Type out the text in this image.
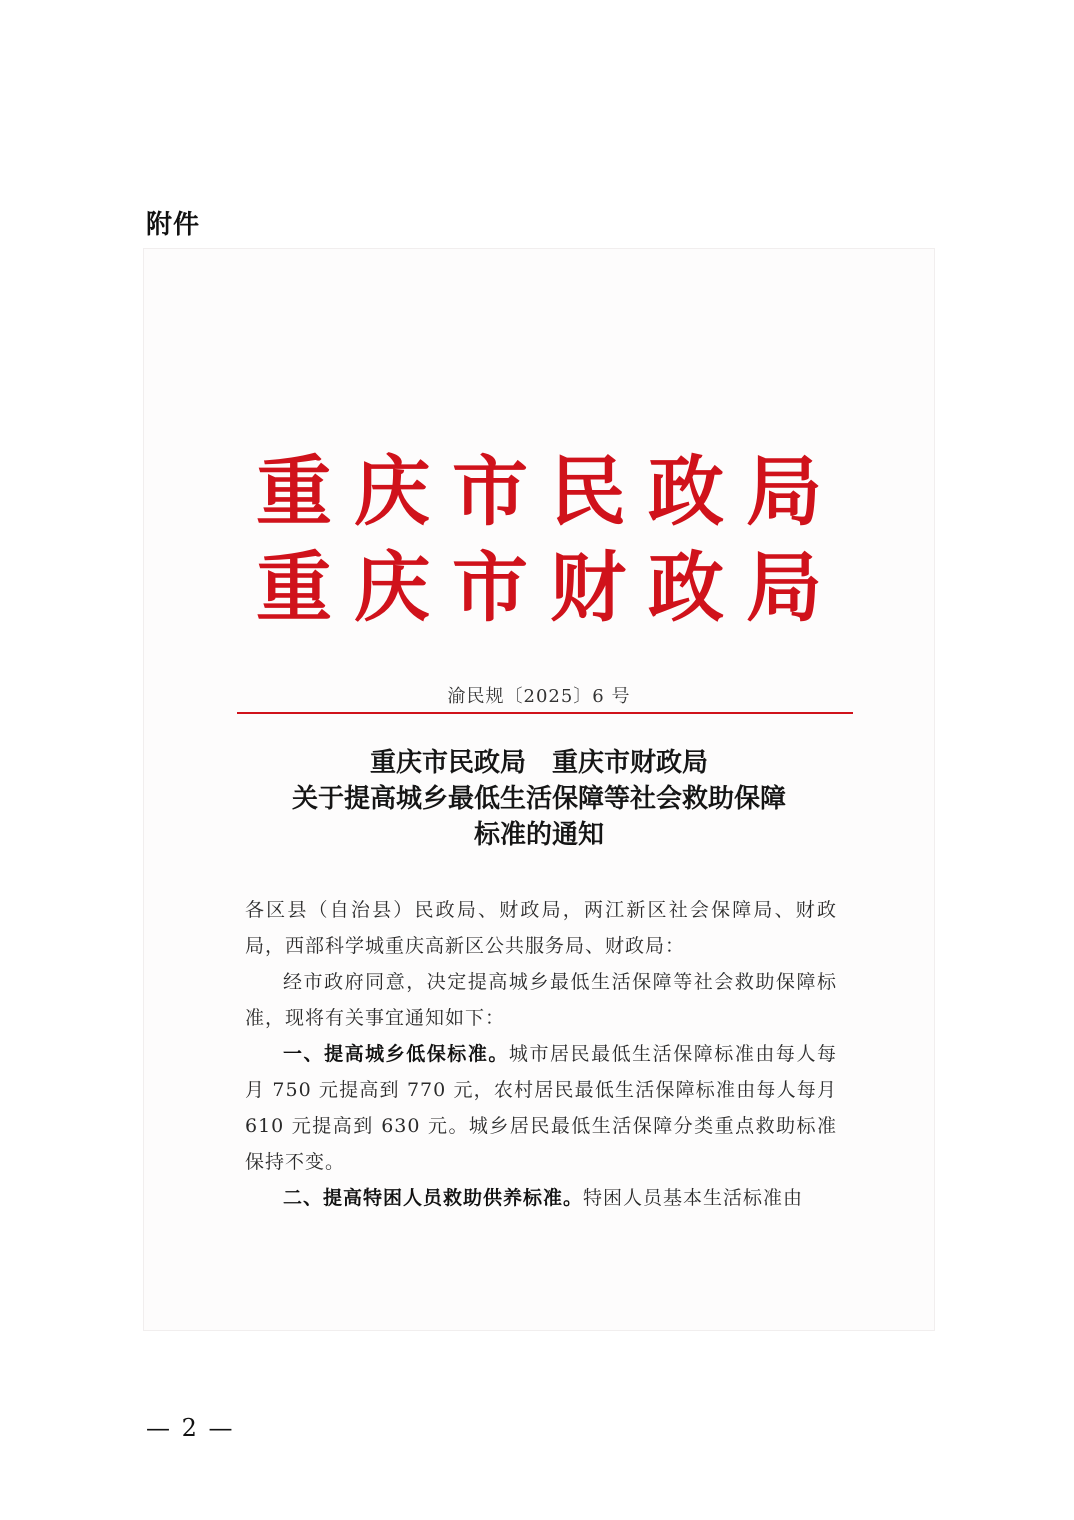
附件
重庆市民政局
重庆市财政局
渝民规〔2025〕6 号
重庆市民政局　重庆市财政局
关于提高城乡最低生活保障等社会救助保障
标准的通知

各区县（自治县）民政局、财政局，两江新区社会保障局、财政局，西部科学城重庆高新区公共服务局、财政局：

经市政府同意，决定提高城乡最低生活保障等社会救助保障标准，现将有关事宜通知如下：

一、提高城乡低保标准。城市居民最低生活保障标准由每人每月 750 元提高到 770 元，农村居民最低生活保障标准由每人每月 610 元提高到 630 元。城乡居民最低生活保障分类重点救助标准保持不变。

二、提高特困人员救助供养标准。特困人员基本生活标准由

— 2 —
